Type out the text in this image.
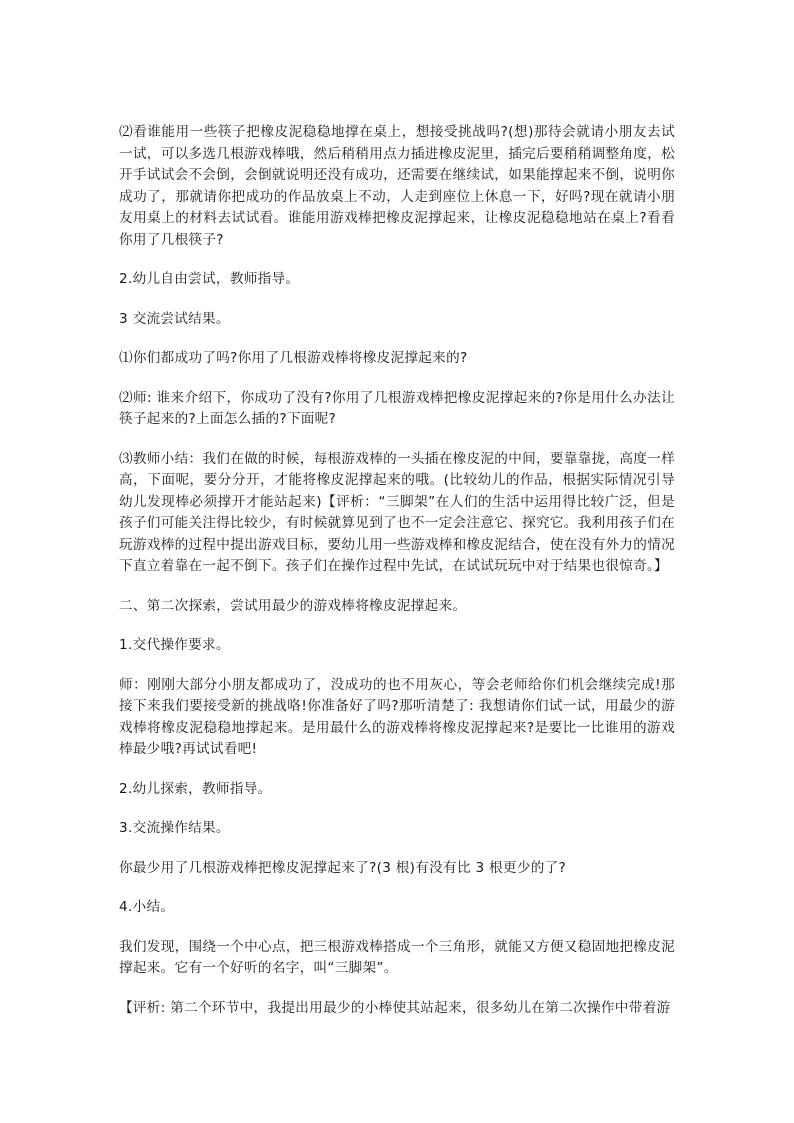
⑵看谁能用一些筷子把橡皮泥稳稳地撑在桌上，想接受挑战吗?(想)那待会就请小朋友去试一试，可以多选几根游戏棒哦，然后稍稍用点力插进橡皮泥里，插完后要稍稍调整角度，松开手试试会不会倒，会倒就说明还没有成功，还需要在继续试，如果能撑起来不倒，说明你成功了，那就请你把成功的作品放桌上不动，人走到座位上休息一下，好吗?现在就请小朋友用桌上的材料去试试看。谁能用游戏棒把橡皮泥撑起来，让橡皮泥稳稳地站在桌上?看看你用了几根筷子?

2.幼儿自由尝试，教师指导。

3 交流尝试结果。

⑴你们都成功了吗?你用了几根游戏棒将橡皮泥撑起来的?

⑵师: 谁来介绍下，你成功了没有?你用了几根游戏棒把橡皮泥撑起来的?你是用什么办法让筷子起来的?上面怎么插的?下面呢?

⑶教师小结：我们在做的时候，每根游戏棒的一头插在橡皮泥的中间，要靠靠拢，高度一样高，下面呢，要分分开，才能将橡皮泥撑起来的哦。(比较幼儿的作品，根据实际情况引导幼儿发现棒必须撑开才能站起来)【评析：“三脚架”在人们的生活中运用得比较广泛，但是孩子们可能关注得比较少，有时候就算见到了也不一定会注意它、探究它。我利用孩子们在玩游戏棒的过程中提出游戏目标，要幼儿用一些游戏棒和橡皮泥结合，使在没有外力的情况下直立着靠在一起不倒下。孩子们在操作过程中先试，在试试玩玩中对于结果也很惊奇。】

二、第二次探索，尝试用最少的游戏棒将橡皮泥撑起来。

1.交代操作要求。

师：刚刚大部分小朋友都成功了，没成功的也不用灰心，等会老师给你们机会继续完成!那接下来我们要接受新的挑战咯!你准备好了吗?那听清楚了: 我想请你们试一试，用最少的游戏棒将橡皮泥稳稳地撑起来。是用最什么的游戏棒将橡皮泥撑起来?是要比一比谁用的游戏棒最少哦?再试试看吧!

2.幼儿探索，教师指导。

3.交流操作结果。

你最少用了几根游戏棒把橡皮泥撑起来了?(3 根)有没有比 3 根更少的了?

4.小结。

我们发现，围绕一个中心点，把三根游戏棒搭成一个三角形，就能又方便又稳固地把橡皮泥撑起来。它有一个好听的名字，叫“三脚架”。

【评析: 第二个环节中，我提出用最少的小棒使其站起来，很多幼儿在第二次操作中带着游
